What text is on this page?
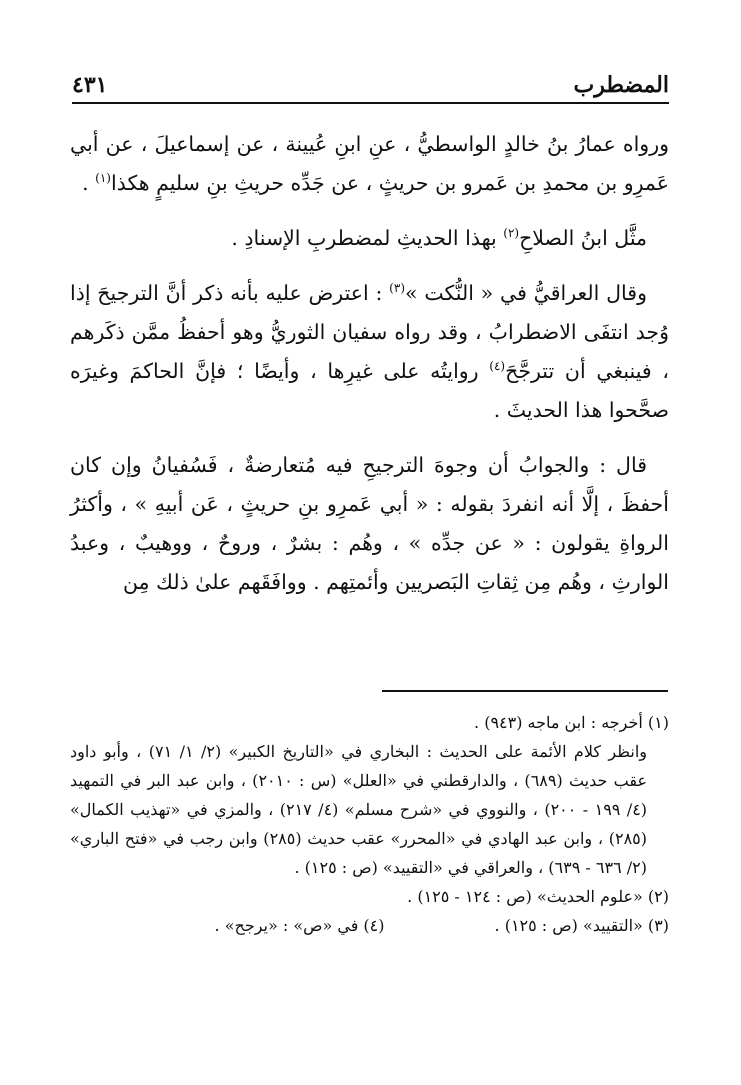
٤٣١	المضطرب

ورواه عمارُ بنُ خالدٍ الواسطيُّ ، عنِ ابنِ عُيينة ، عن إسماعيلَ ، عن أبي عَمرِو بن محمدِ بن عَمرو بن حريثٍ ، عن جَدِّه حريثِ بنِ سليمٍ هكذا$^{(١)}$ .

مثَّل ابنُ الصلاحِ$^{(٢)}$ بهذا الحديثِ لمضطربِ الإسنادِ .

وقال العراقيُّ في « النُّكت »$^{(٣)}$ : اعترض عليه بأنه ذكر أنَّ الترجيحَ إذا وُجد انتفَى الاضطرابُ ، وقد رواه سفيان الثوريُّ وهو أحفظُ ممَّن ذكَرهم ، فينبغي أن تترجَّحَ$^{(٤)}$ روايتُه على غيرِها ، وأيضًا ؛ فإنَّ الحاكمَ وغيرَه صحَّحوا هذا الحديثَ .

قال : والجوابُ أن وجوهَ الترجيحِ فيه مُتعارضةٌ ، فَسُفيانُ وإن كان أحفظَ ، إلَّا أنه انفردَ بقوله : « أبي عَمرِو بنِ حريثٍ ، عَن أبيهِ » ، وأكثرُ الرواةِ يقولون : « عن جدِّه » ، وهُم : بشرٌ ، وروحٌ ، ووهيبٌ ، وعبدُ الوارثِ ، وهُم مِن ثِقاتِ البَصريين وأئمتِهم . ووافَقَهم علىٰ ذلك مِن

(١) أخرجه : ابن ماجه (٩٤٣) .

وانظر كلام الأئمة على الحديث : البخاري في «التاريخ الكبير» (٢/ ١/ ٧١) ، وأبو داود عقب حديث (٦٨٩) ، والدارقطني في «العلل» (س : ٢٠١٠) ، وابن عبد البر في التمهيد (٤/ ١٩٩ - ٢٠٠) ، والنووي في «شرح مسلم» (٤/ ٢١٧) ، والمزي في «تهذيب الكمال» (٢٨٥) ، وابن عبد الهادي في «المحرر» عقب حديث (٢٨٥) وابن رجب في «فتح الباري» (٢/ ٦٣٦ - ٦٣٩) ، والعراقي في «التقييد» (ص : ١٢٥) .

(٢) «علوم الحديث» (ص : ١٢٤ - ١٢٥) .

(٣) «التقييد» (ص : ١٢٥) .
(٤) في «ص» : «يرجح» .
